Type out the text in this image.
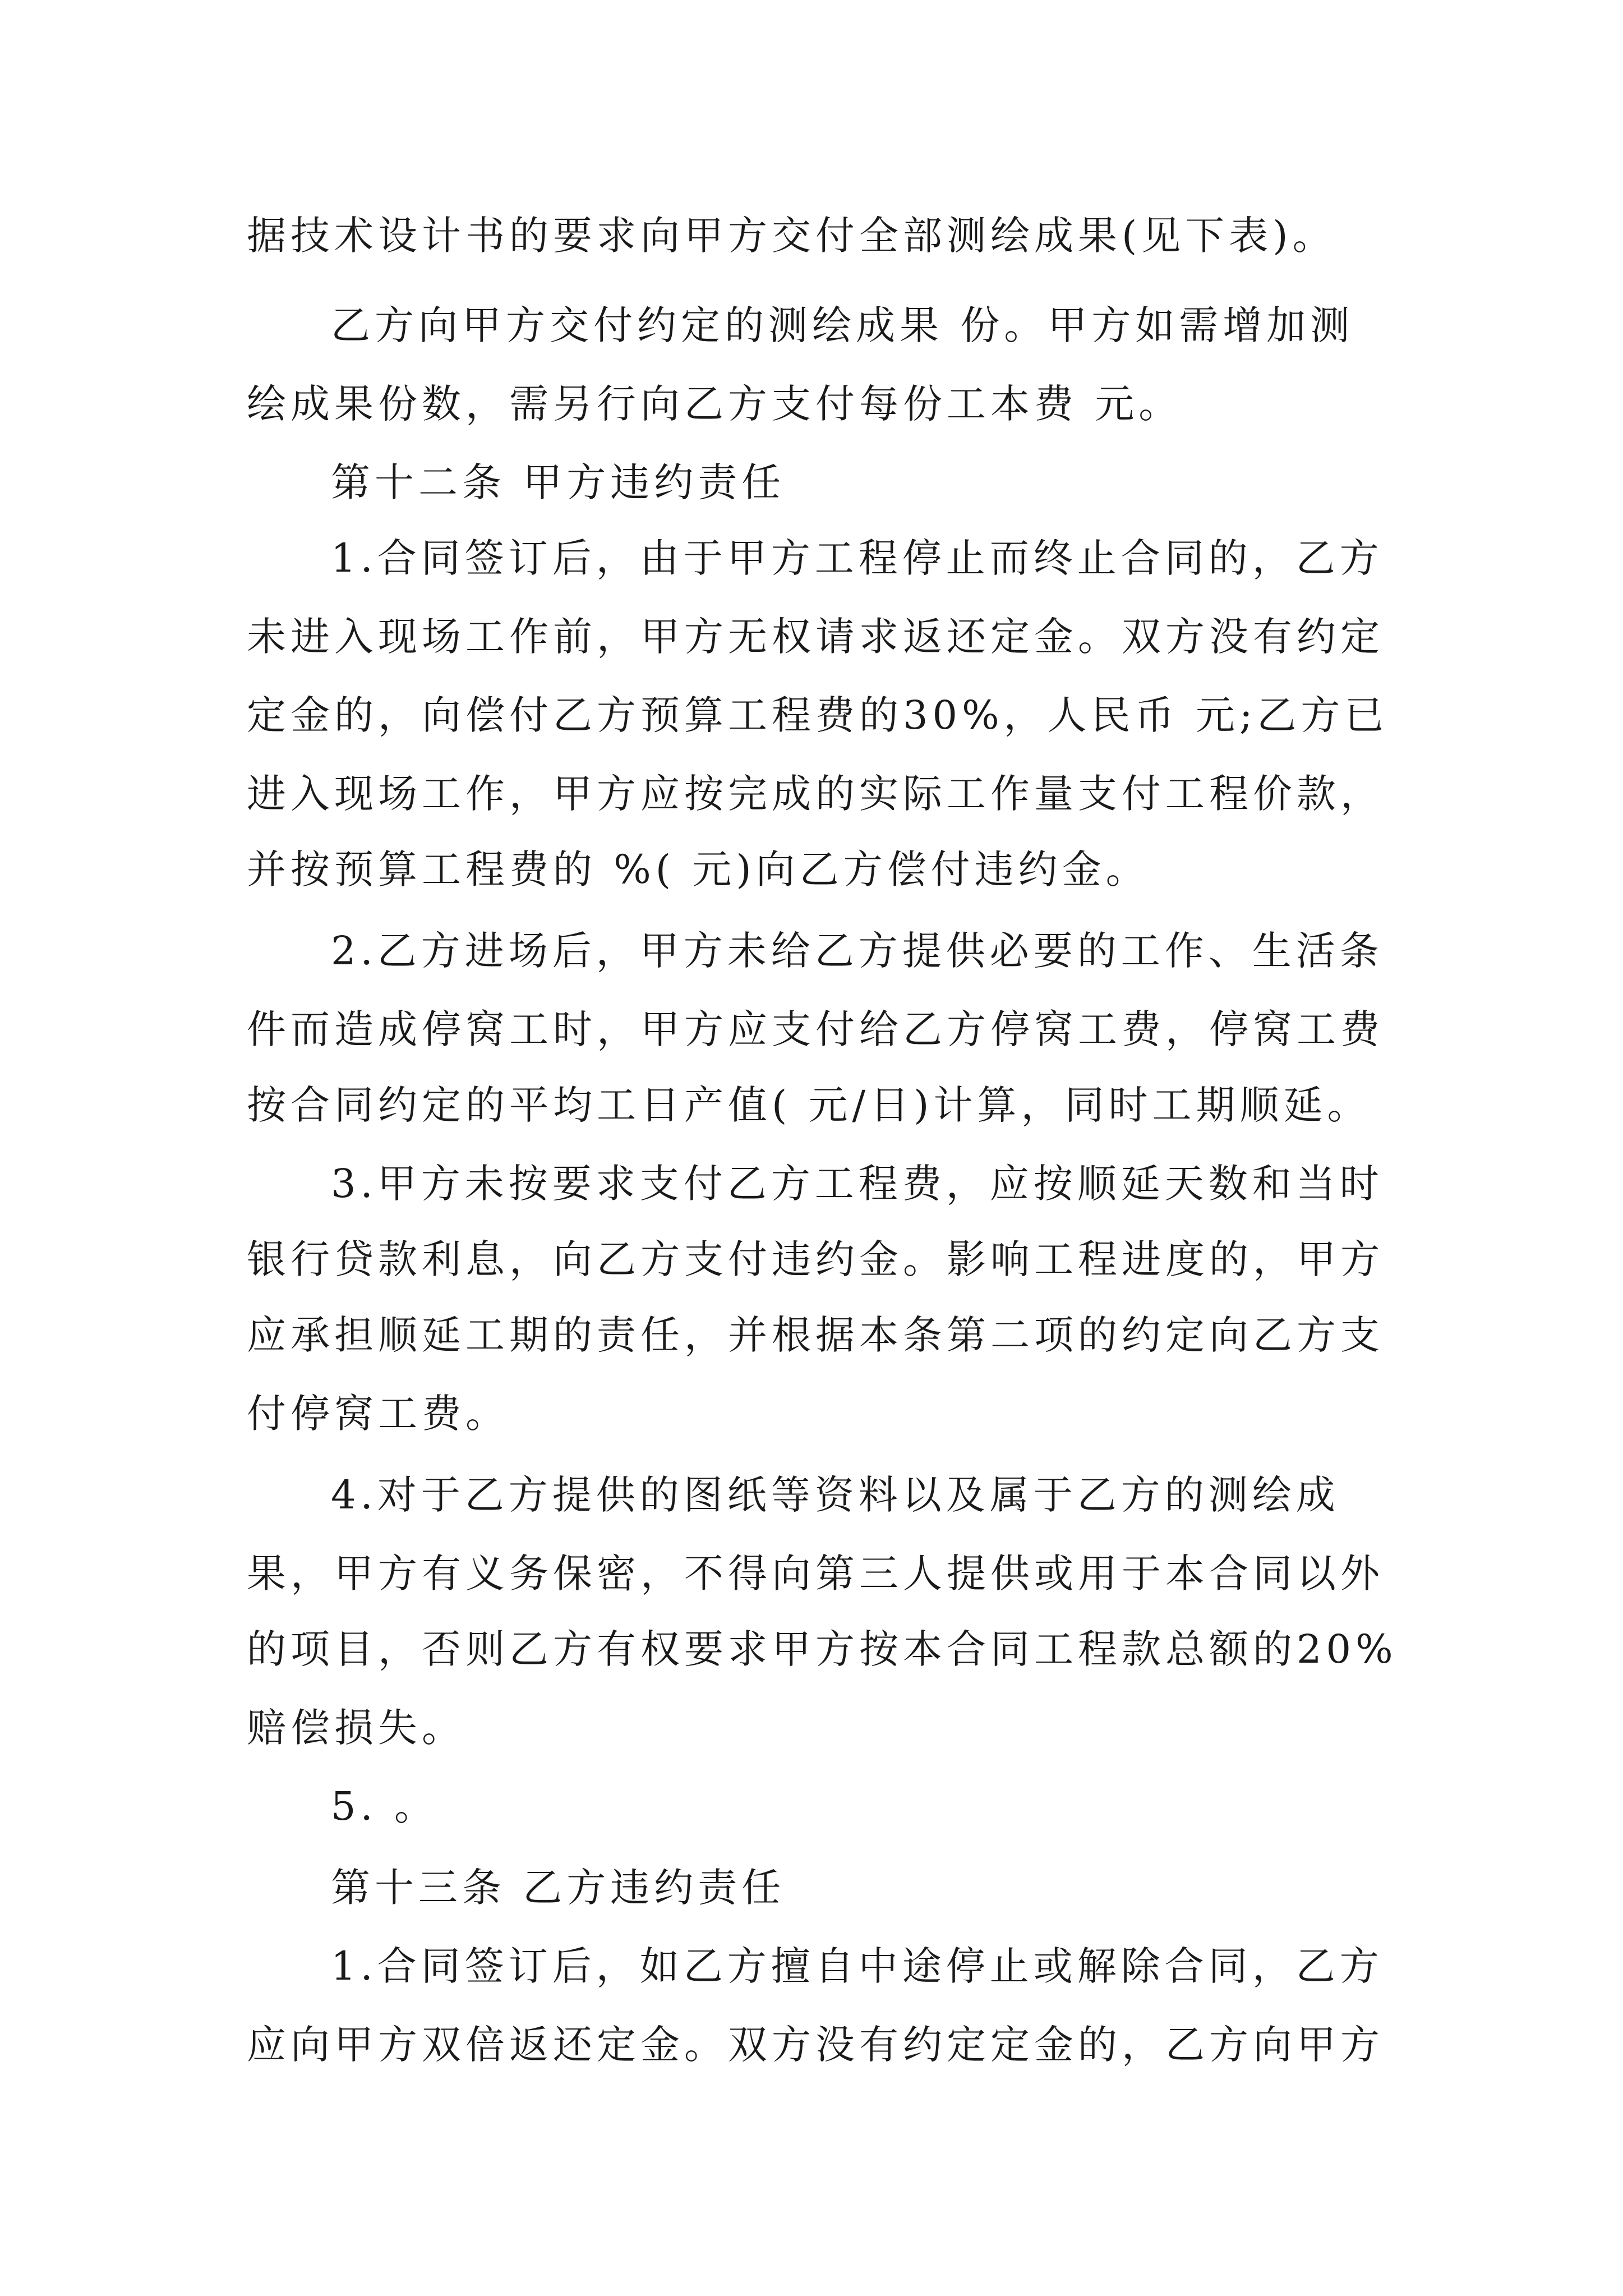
据技术设计书的要求向甲方交付全部测绘成果(见下表)。
乙方向甲方交付约定的测绘成果 份。甲方如需增加测
绘成果份数，需另行向乙方支付每份工本费 元。
第十二条 甲方违约责任
1.合同签订后，由于甲方工程停止而终止合同的，乙方
未进入现场工作前，甲方无权请求返还定金。双方没有约定
定金的，向偿付乙方预算工程费的30%，人民币 元;乙方已
进入现场工作，甲方应按完成的实际工作量支付工程价款，
并按预算工程费的 %( 元)向乙方偿付违约金。
2.乙方进场后，甲方未给乙方提供必要的工作、生活条
件而造成停窝工时，甲方应支付给乙方停窝工费，停窝工费
按合同约定的平均工日产值( 元/日)计算，同时工期顺延。
3.甲方未按要求支付乙方工程费，应按顺延天数和当时
银行贷款利息，向乙方支付违约金。影响工程进度的，甲方
应承担顺延工期的责任，并根据本条第二项的约定向乙方支
付停窝工费。
4.对于乙方提供的图纸等资料以及属于乙方的测绘成
果，甲方有义务保密，不得向第三人提供或用于本合同以外
的项目，否则乙方有权要求甲方按本合同工程款总额的20%
赔偿损失。
5. 。
第十三条 乙方违约责任
1.合同签订后，如乙方擅自中途停止或解除合同，乙方
应向甲方双倍返还定金。双方没有约定定金的，乙方向甲方
